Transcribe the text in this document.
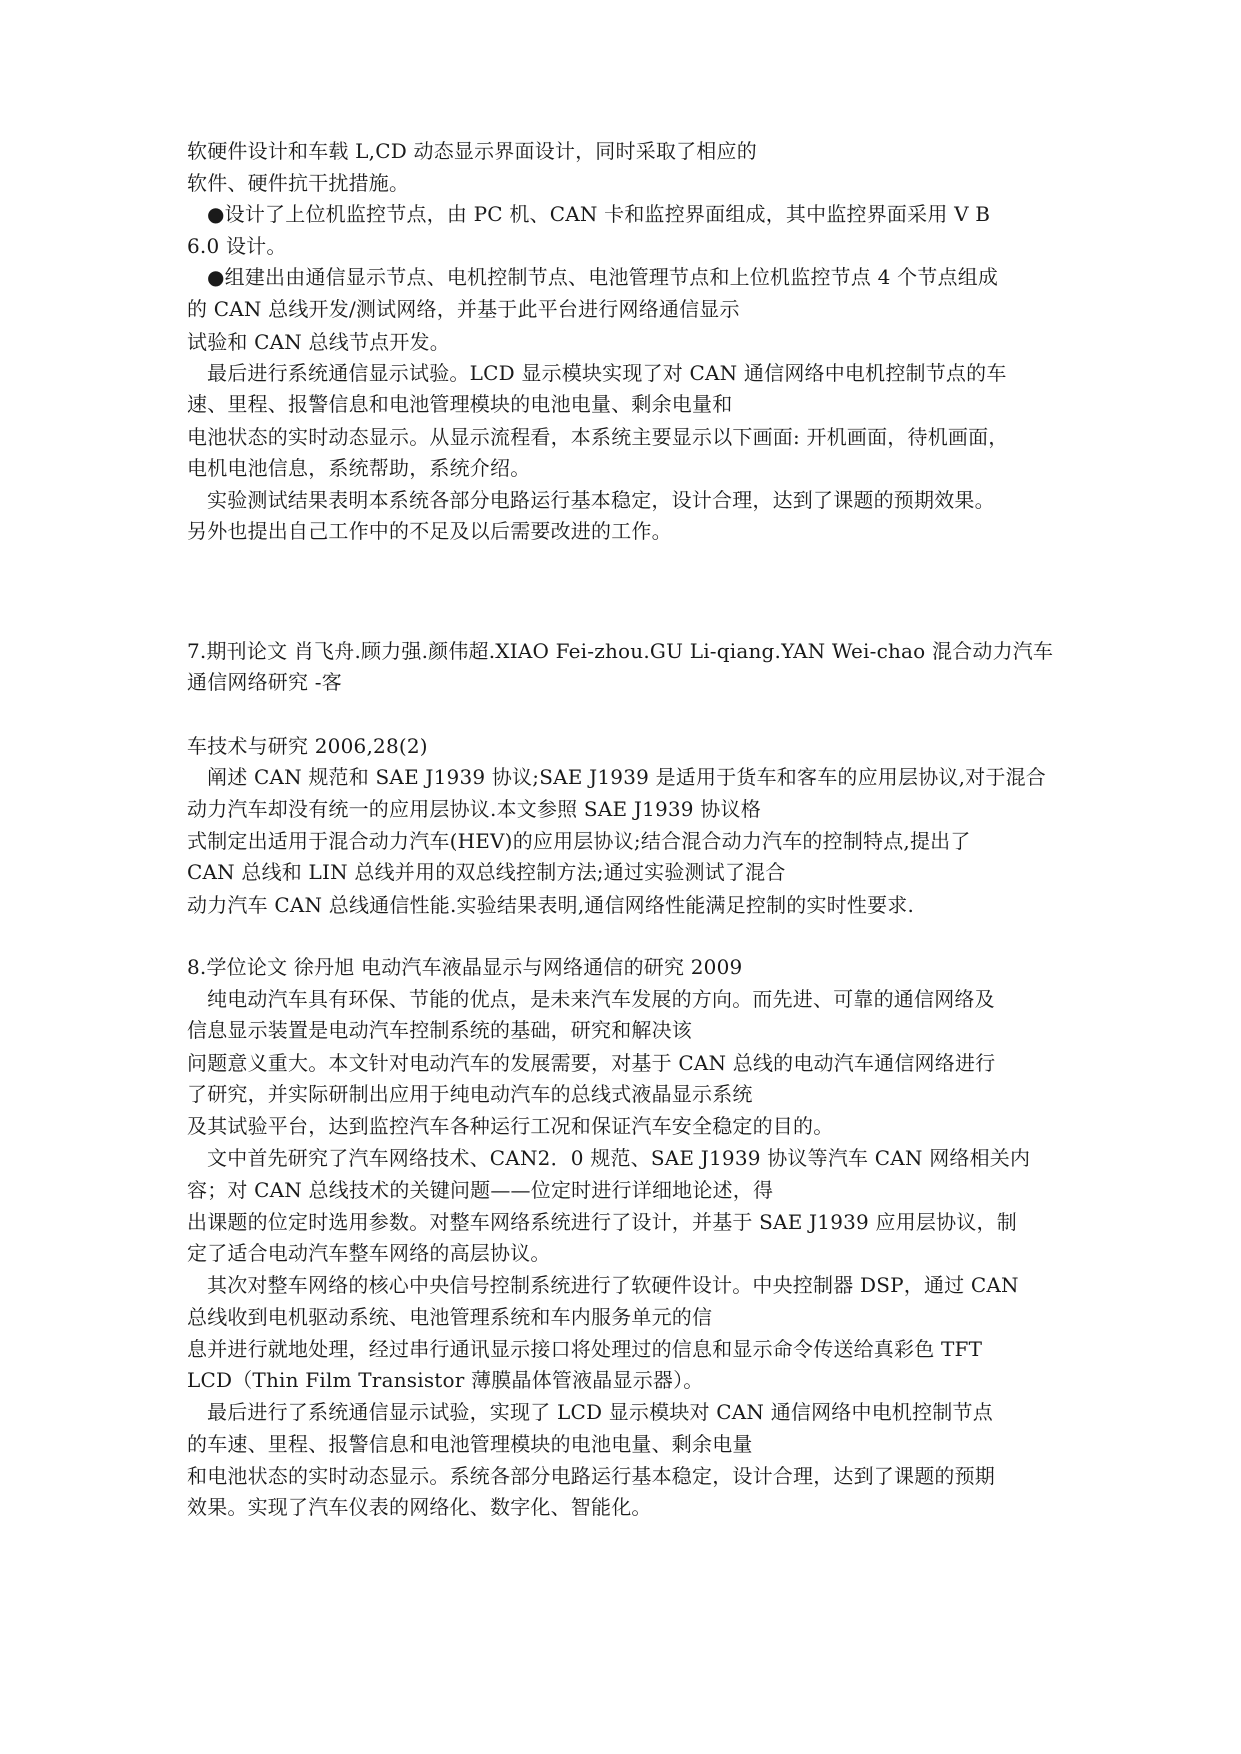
软硬件设计和车载 L,CD 动态显示界面设计，同时采取了相应的
软件、硬件抗干扰措施。
●设计了上位机监控节点，由 PC 机、CAN 卡和监控界面组成，其中监控界面采用 V B
6.0 设计。
●组建出由通信显示节点、电机控制节点、电池管理节点和上位机监控节点 4 个节点组成
的 CAN 总线开发/测试网络，并基于此平台进行网络通信显示
试验和 CAN 总线节点开发。
最后进行系统通信显示试验。LCD 显示模块实现了对 CAN 通信网络中电机控制节点的车
速、里程、报警信息和电池管理模块的电池电量、剩余电量和
电池状态的实时动态显示。从显示流程看，本系统主要显示以下画面: 开机画面，待机画面，
电机电池信息，系统帮助，系统介绍。
实验测试结果表明本系统各部分电路运行基本稳定，设计合理，达到了课题的预期效果。
另外也提出自己工作中的不足及以后需要改进的工作。
7.期刊论文 肖飞舟.顾力强.颜伟超.XIAO Fei-zhou.GU Li-qiang.YAN Wei-chao 混合动力汽车
通信网络研究 -客
车技术与研究 2006,28(2)
阐述 CAN 规范和 SAE J1939 协议;SAE J1939 是适用于货车和客车的应用层协议,对于混合
动力汽车却没有统一的应用层协议.本文参照 SAE J1939 协议格
式制定出适用于混合动力汽车(HEV)的应用层协议;结合混合动力汽车的控制特点,提出了
CAN 总线和 LIN 总线并用的双总线控制方法;通过实验测试了混合
动力汽车 CAN 总线通信性能.实验结果表明,通信网络性能满足控制的实时性要求.
8.学位论文 徐丹旭 电动汽车液晶显示与网络通信的研究 2009
纯电动汽车具有环保、节能的优点，是未来汽车发展的方向。而先进、可靠的通信网络及
信息显示装置是电动汽车控制系统的基础，研究和解决该
问题意义重大。本文针对电动汽车的发展需要，对基于 CAN 总线的电动汽车通信网络进行
了研究，并实际研制出应用于纯电动汽车的总线式液晶显示系统
及其试验平台，达到监控汽车各种运行工况和保证汽车安全稳定的目的。
文中首先研究了汽车网络技术、CAN2．0 规范、SAE J1939 协议等汽车 CAN 网络相关内
容；对 CAN 总线技术的关键问题——位定时进行详细地论述，得
出课题的位定时选用参数。对整车网络系统进行了设计，并基于 SAE J1939 应用层协议，制
定了适合电动汽车整车网络的高层协议。
其次对整车网络的核心中央信号控制系统进行了软硬件设计。中央控制器 DSP，通过 CAN
总线收到电机驱动系统、电池管理系统和车内服务单元的信
息并进行就地处理，经过串行通讯显示接口将处理过的信息和显示命令传送给真彩色 TFT
LCD（Thin Film Transistor 薄膜晶体管液晶显示器）。
最后进行了系统通信显示试验，实现了 LCD 显示模块对 CAN 通信网络中电机控制节点
的车速、里程、报警信息和电池管理模块的电池电量、剩余电量
和电池状态的实时动态显示。系统各部分电路运行基本稳定，设计合理，达到了课题的预期
效果。实现了汽车仪表的网络化、数字化、智能化。
